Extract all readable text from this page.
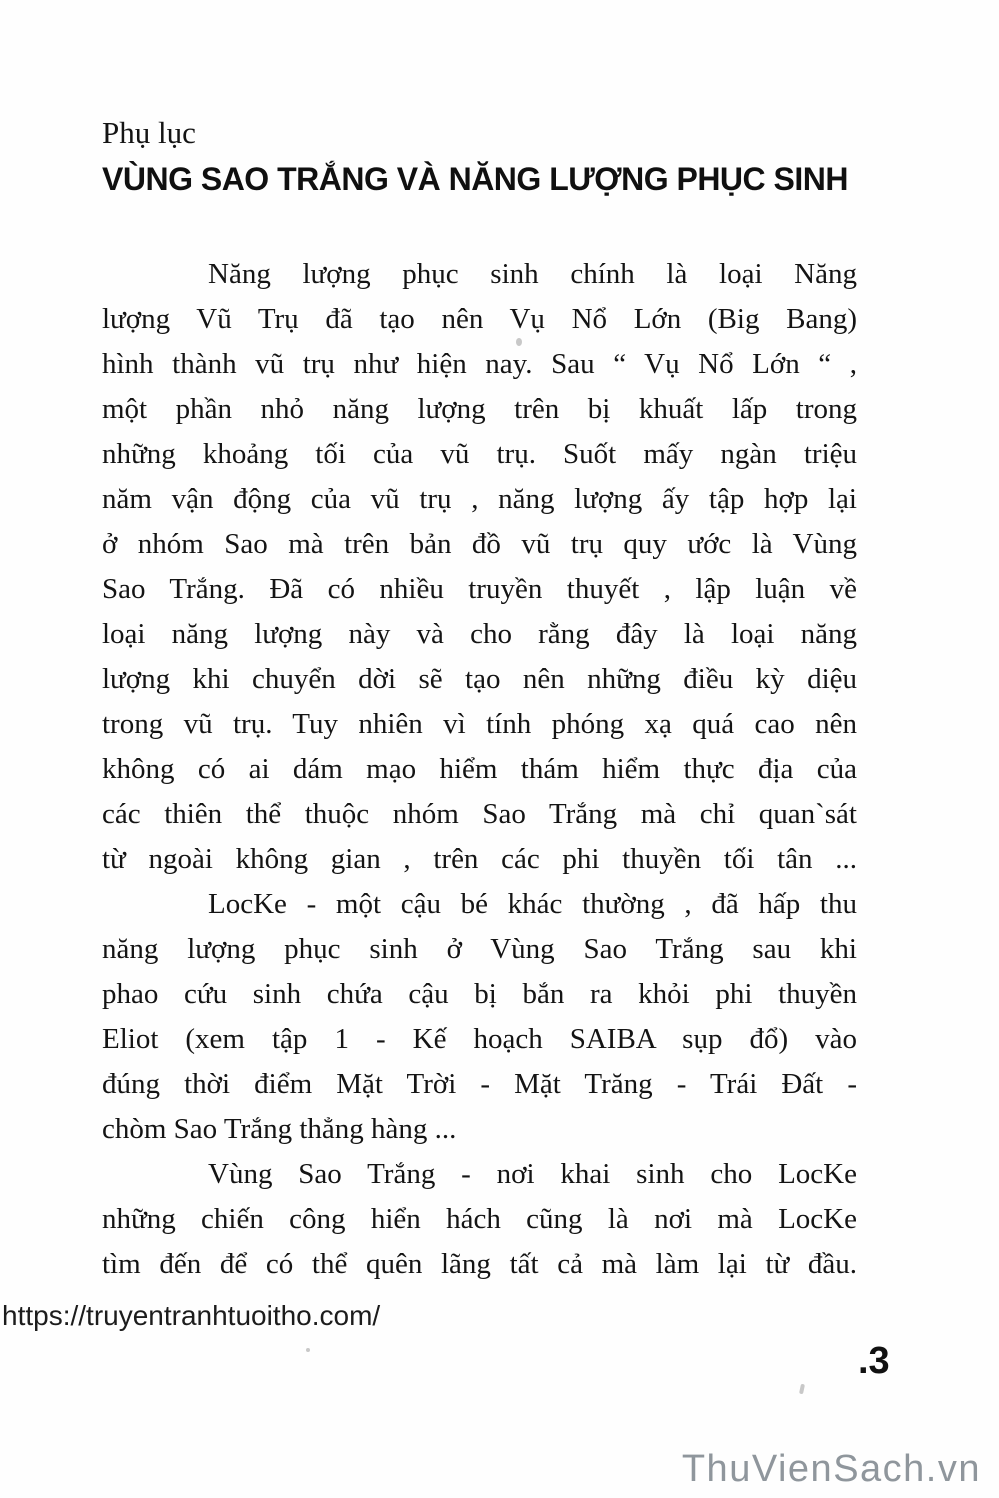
Phụ lục
VÙNG SAO TRẮNG VÀ NĂNG LƯỢNG PHỤC SINH
Năng lượng phục sinh chính là loại Năng
lượng Vũ Trụ đã tạo nên Vụ Nổ Lớn (Big Bang)
hình thành vũ trụ như hiện nay. Sau “ Vụ Nổ Lớn “ ,
một phần nhỏ năng lượng trên bị khuất lấp trong
những khoảng tối của vũ trụ. Suốt mấy ngàn triệu
năm vận động của vũ trụ , năng lượng ấy tập hợp lại
ở nhóm Sao mà trên bản đồ vũ trụ quy ước là Vùng
Sao Trắng. Đã có nhiều truyền thuyết , lập luận về
loại năng lượng này và cho rằng đây là loại năng
lượng khi chuyển dời sẽ tạo nên những điều kỳ diệu
trong vũ trụ. Tuy nhiên vì tính phóng xạ quá cao nên
không có ai dám mạo hiểm thám hiểm thực địa của
các thiên thể thuộc nhóm Sao Trắng mà chỉ quan`sát
từ ngoài không gian , trên các phi thuyền tối tân ...
LocKe - một cậu bé khác thường , đã hấp thu
năng lượng phục sinh ở Vùng Sao Trắng sau khi
phao cứu sinh chứa cậu bị bắn ra khỏi phi thuyền
Eliot (xem tập 1 - Kế hoạch SAIBA sụp đổ) vào
đúng thời điểm Mặt Trời - Mặt Trăng - Trái Đất -
chòm Sao Trắng thẳng hàng ...
Vùng Sao Trắng - nơi khai sinh cho LocKe
những chiến công hiển hách cũng là nơi mà LocKe
tìm đến để có thể quên lãng tất cả mà làm lại từ đầu.
https://truyentranhtuoitho.com/
.3
ThuVienSach.vn
